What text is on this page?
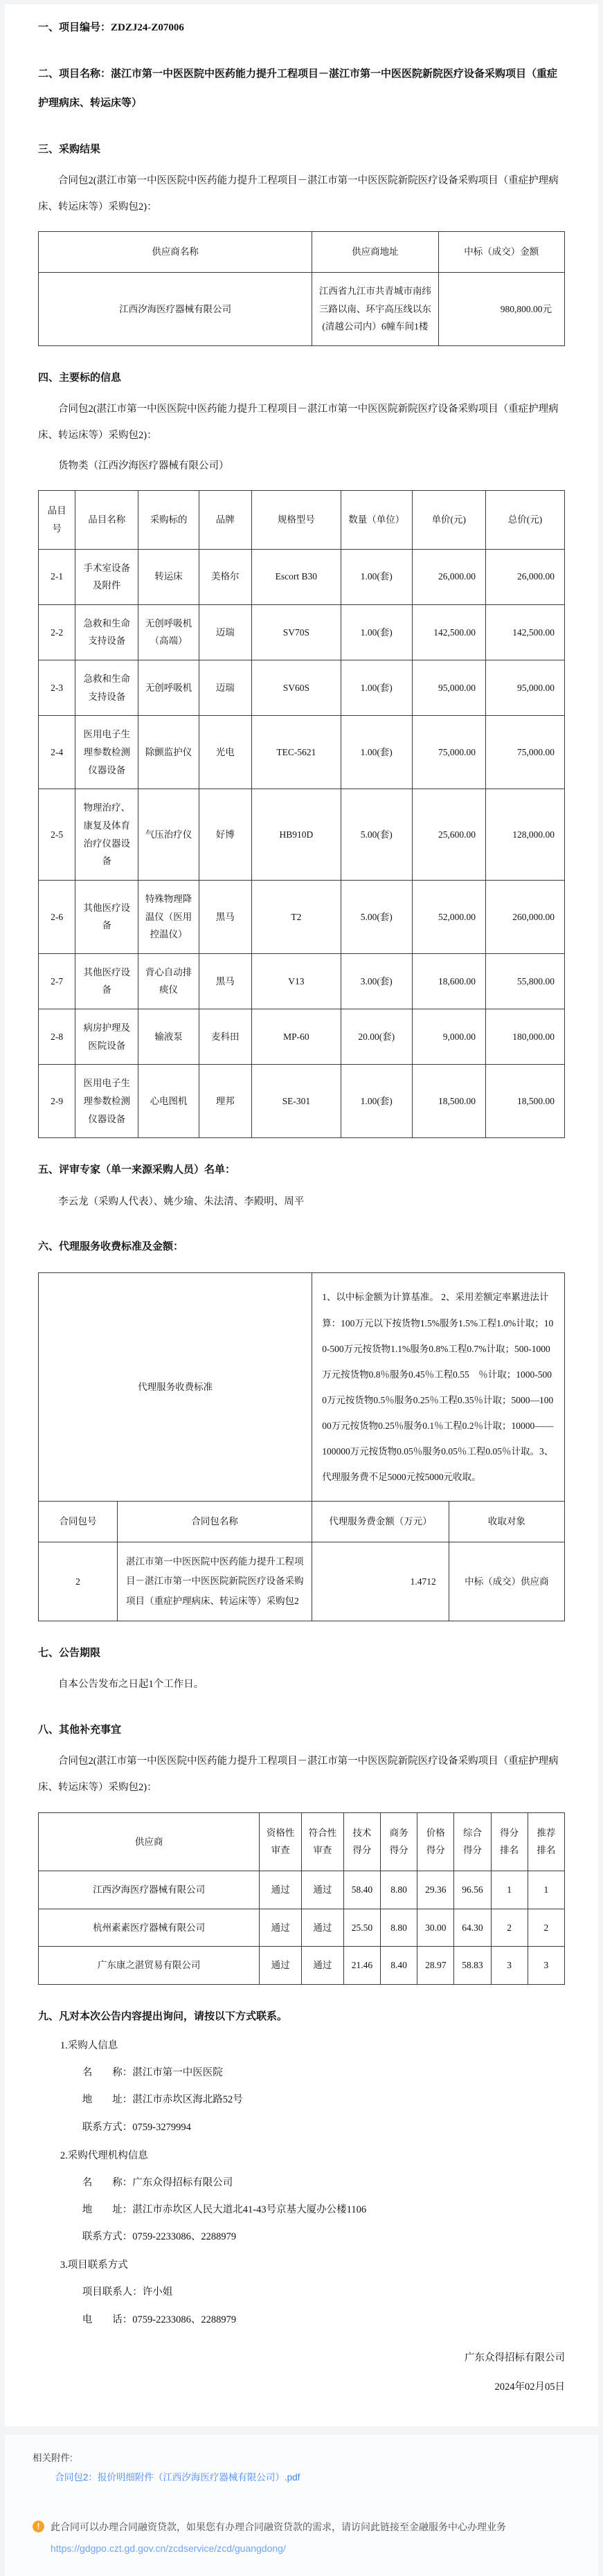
一、项目编号：ZDZJ24-Z07006
二、项目名称：湛江市第一中医医院中医药能力提升工程项目－湛江市第一中医医院新院医疗设备采购项目（重症护理病床、转运床等）
三、采购结果
合同包2(湛江市第一中医医院中医药能力提升工程项目－湛江市第一中医医院新院医疗设备采购项目（重症护理病床、转运床等）采购包2)：
供应商名称	供应商地址	中标（成交）金额
江西汐海医疗器械有限公司	江西省九江市共青城市南纬三路以南、环宇高压线以东(清越公司内）6幢车间1楼	980,800.00元
四、主要标的信息
合同包2(湛江市第一中医医院中医药能力提升工程项目－湛江市第一中医医院新院医疗设备采购项目（重症护理病床、转运床等）采购包2)：
货物类（江西汐海医疗器械有限公司）
品目号	品目名称	采购标的	品牌	规格型号	数量（单位）	单价(元)	总价(元)
2-1	手术室设备及附件	转运床	美格尔	Escort B30	1.00(套)	26,000.00	26,000.00
2-2	急救和生命支持设备	无创呼吸机（高端）	迈瑞	SV70S	1.00(套)	142,500.00	142,500.00
2-3	急救和生命支持设备	无创呼吸机	迈瑞	SV60S	1.00(套)	95,000.00	95,000.00
2-4	医用电子生理参数检测仪器设备	除颤监护仪	光电	TEC-5621	1.00(套)	75,000.00	75,000.00
2-5	物理治疗、康复及体育治疗仪器设备	气压治疗仪	好博	HB910D	5.00(套)	25,600.00	128,000.00
2-6	其他医疗设备	特殊物理降温仪（医用控温仪）	黑马	T2	5.00(套)	52,000.00	260,000.00
2-7	其他医疗设备	背心自动排痰仪	黑马	V13	3.00(套)	18,600.00	55,800.00
2-8	病房护理及医院设备	输液泵	麦科田	MP-60	20.00(套)	9,000.00	180,000.00
2-9	医用电子生理参数检测仪器设备	心电图机	理邦	SE-301	1.00(套)	18,500.00	18,500.00
五、评审专家（单一来源采购人员）名单：
李云龙（采购人代表）、姚少瑜、朱法清、李殿明、周平
六、代理服务收费标准及金额：
代理服务收费标准	1、以中标金额为计算基准。 2、采用差额定率累进法计算：100万元以下按货物1.5%服务1.5%工程1.0%计取；100-500万元按货物1.1%服务0.8%工程0.7%计取；500-1000万元按货物0.8％服务0.45％工程0.55　％计取；1000-5000万元按货物0.5％服务0.25％工程0.35％计取；5000—10000万元按货物0.25％服务0.1％工程0.2％计取；10000——100000万元按货物0.05％服务0.05％工程0.05％计取。3、代理服务费不足5000元按5000元收取。
合同包号	合同包名称	代理服务费金额（万元）	收取对象
2	湛江市第一中医医院中医药能力提升工程项目－湛江市第一中医医院新院医疗设备采购项目（重症护理病床、转运床等）采购包2	1.4712	中标（成交）供应商
七、公告期限
自本公告发布之日起1个工作日。
八、其他补充事宜
合同包2(湛江市第一中医医院中医药能力提升工程项目－湛江市第一中医医院新院医疗设备采购项目（重症护理病床、转运床等）采购包2)：
供应商	资格性审查	符合性审查	技术得分	商务得分	价格得分	综合得分	得分排名	推荐排名
江西汐海医疗器械有限公司	通过	通过	58.40	8.80	29.36	96.56	1	1
杭州素素医疗器械有限公司	通过	通过	25.50	8.80	30.00	64.30	2	2
广东康之湛贸易有限公司	通过	通过	21.46	8.40	28.97	58.83	3	3
九、凡对本次公告内容提出询问，请按以下方式联系。
1.采购人信息
名　　称：湛江市第一中医医院
地　　址：湛江市赤坎区海北路52号
联系方式：0759-3279994
2.采购代理机构信息
名　　称：广东众得招标有限公司
地　　址：湛江市赤坎区人民大道北41-43号京基大厦办公楼1106
联系方式：0759-2233086、2288979
3.项目联系方式
项目联系人：许小姐
电　　话：0759-2233086、2288979
广东众得招标有限公司
2024年02月05日
相关附件:
合同包2：报价明细附件（江西汐海医疗器械有限公司）.pdf
!	此合同可以办理合同融资贷款，如果您有办理合同融资贷款的需求，请访问此链接至金融服务中心办理业务
https://gdgpo.czt.gd.gov.cn/zcdservice/zcd/guangdong/
